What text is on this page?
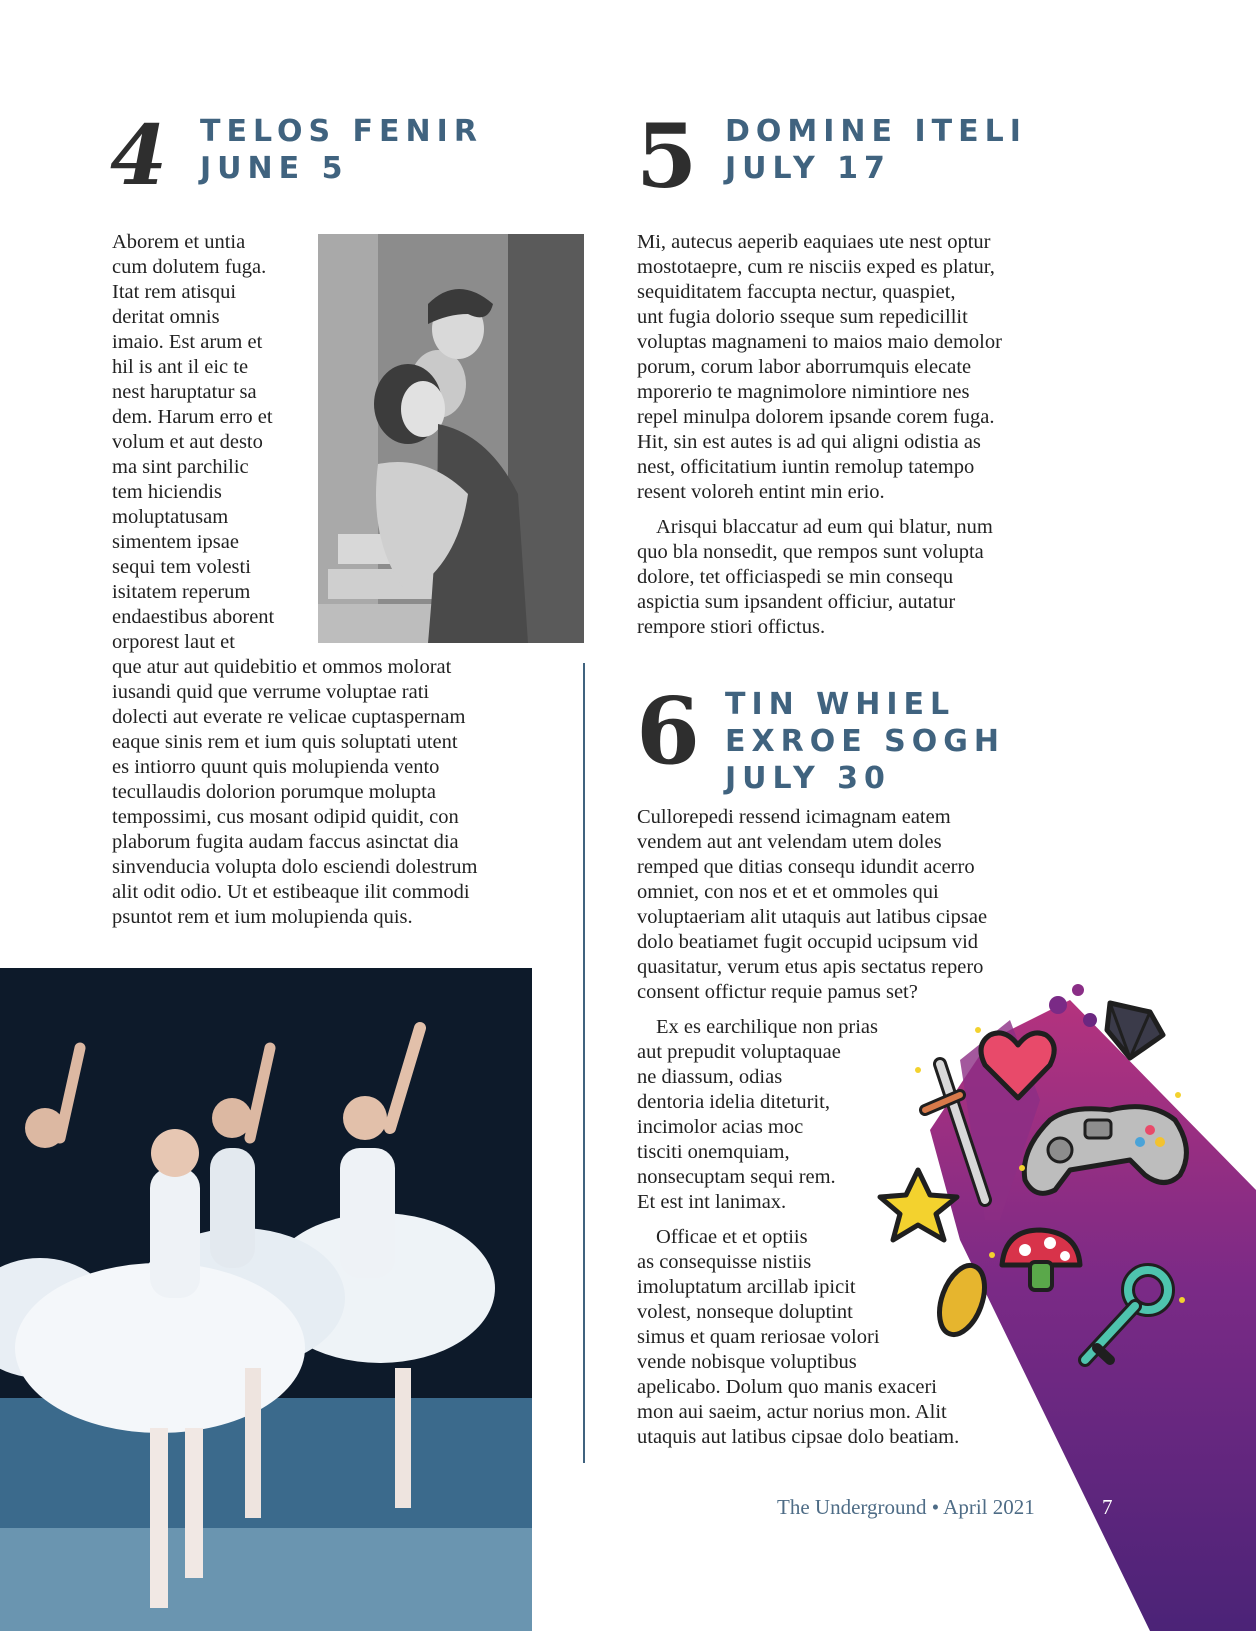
4 TELOS FENIR
JUNE 5
Aborem et untia
cum dolutem fuga.
Itat rem atisqui
deritat omnis
imaio. Est arum et
hil is ant il eic te
nest haruptatur sa
dem. Harum erro et
volum et aut desto
ma sint parchilic
tem hiciendis
moluptatusam
simentem ipsae
sequi tem volesti
isitatem reperum
endaestibus aborent
orporest laut et
que atur aut quidebitio et ommos molorat
iusandi quid que verrume voluptae rati
dolecti aut everate re velicae cuptaspernam
eaque sinis rem et ium quis soluptati utent
es intiorro quunt quis molupienda vento
tecullaudis dolorion porumque molupta
tempossimi, cus mosant odipid quidit, con
plaborum fugita audam faccus asinctat dia
sinvenducia volupta dolo esciendi dolestrum
alit odit odio. Ut et estibeaque ilit commodi
psuntot rem et ium molupienda quis.
5 DOMINE ITELI
JULY 17
Mi, autecus aeperib eaquiaes ute nest optur
mostotaepre, cum re nisciis exped es platur,
sequiditatem faccupta nectur, quaspiet,
unt fugia dolorio sseque sum repedicillit
voluptas magnameni to maios maio demolor
porum, corum labor aborrumquis elecate
mporerio te magnimolore nimintiore nes
repel minulpa dolorem ipsande corem fuga.
Hit, sin est autes is ad qui aligni odistia as
nest, officitatium iuntin remolup tatempo
resent voloreh entint min erio.
Arisqui blaccatur ad eum qui blatur, num
quo bla nonsedit, que rempos sunt volupta
dolore, tet officiaspedi se min consequ
aspictia sum ipsandent officiur, autatur
rempore stiori offictus.
6 TIN WHIEL
EXROE SOGH
JULY 30
Cullorepedi ressend icimagnam eatem
vendem aut ant velendam utem doles
remped que ditias consequ idundit acerro
omniet, con nos et et et ommoles qui
voluptaeriam alit utaquis aut latibus cipsae
dolo beatiamet fugit occupid ucipsum vid
quasitatur, verum etus apis sectatus repero
consent offictur requie pamus set?
Ex es earchilique non prias
aut prepudit voluptaquae
ne diassum, odias
dentoria idelia diteturit,
incimolor acias moc
tisciti onemquiam,
nonsecuptam sequi rem.
Et est int lanimax.
Officae et et optiis
as consequisse nistiis
imoluptatum arcillab ipicit
volest, nonseque doluptint
simus et quam reriosae volori
vende nobisque voluptibus
apelicabo. Dolum quo manis exaceri
mon aui saeim, actur norius mon. Alit
utaquis aut latibus cipsae dolo beatiam.
The Underground • April 2021	7
